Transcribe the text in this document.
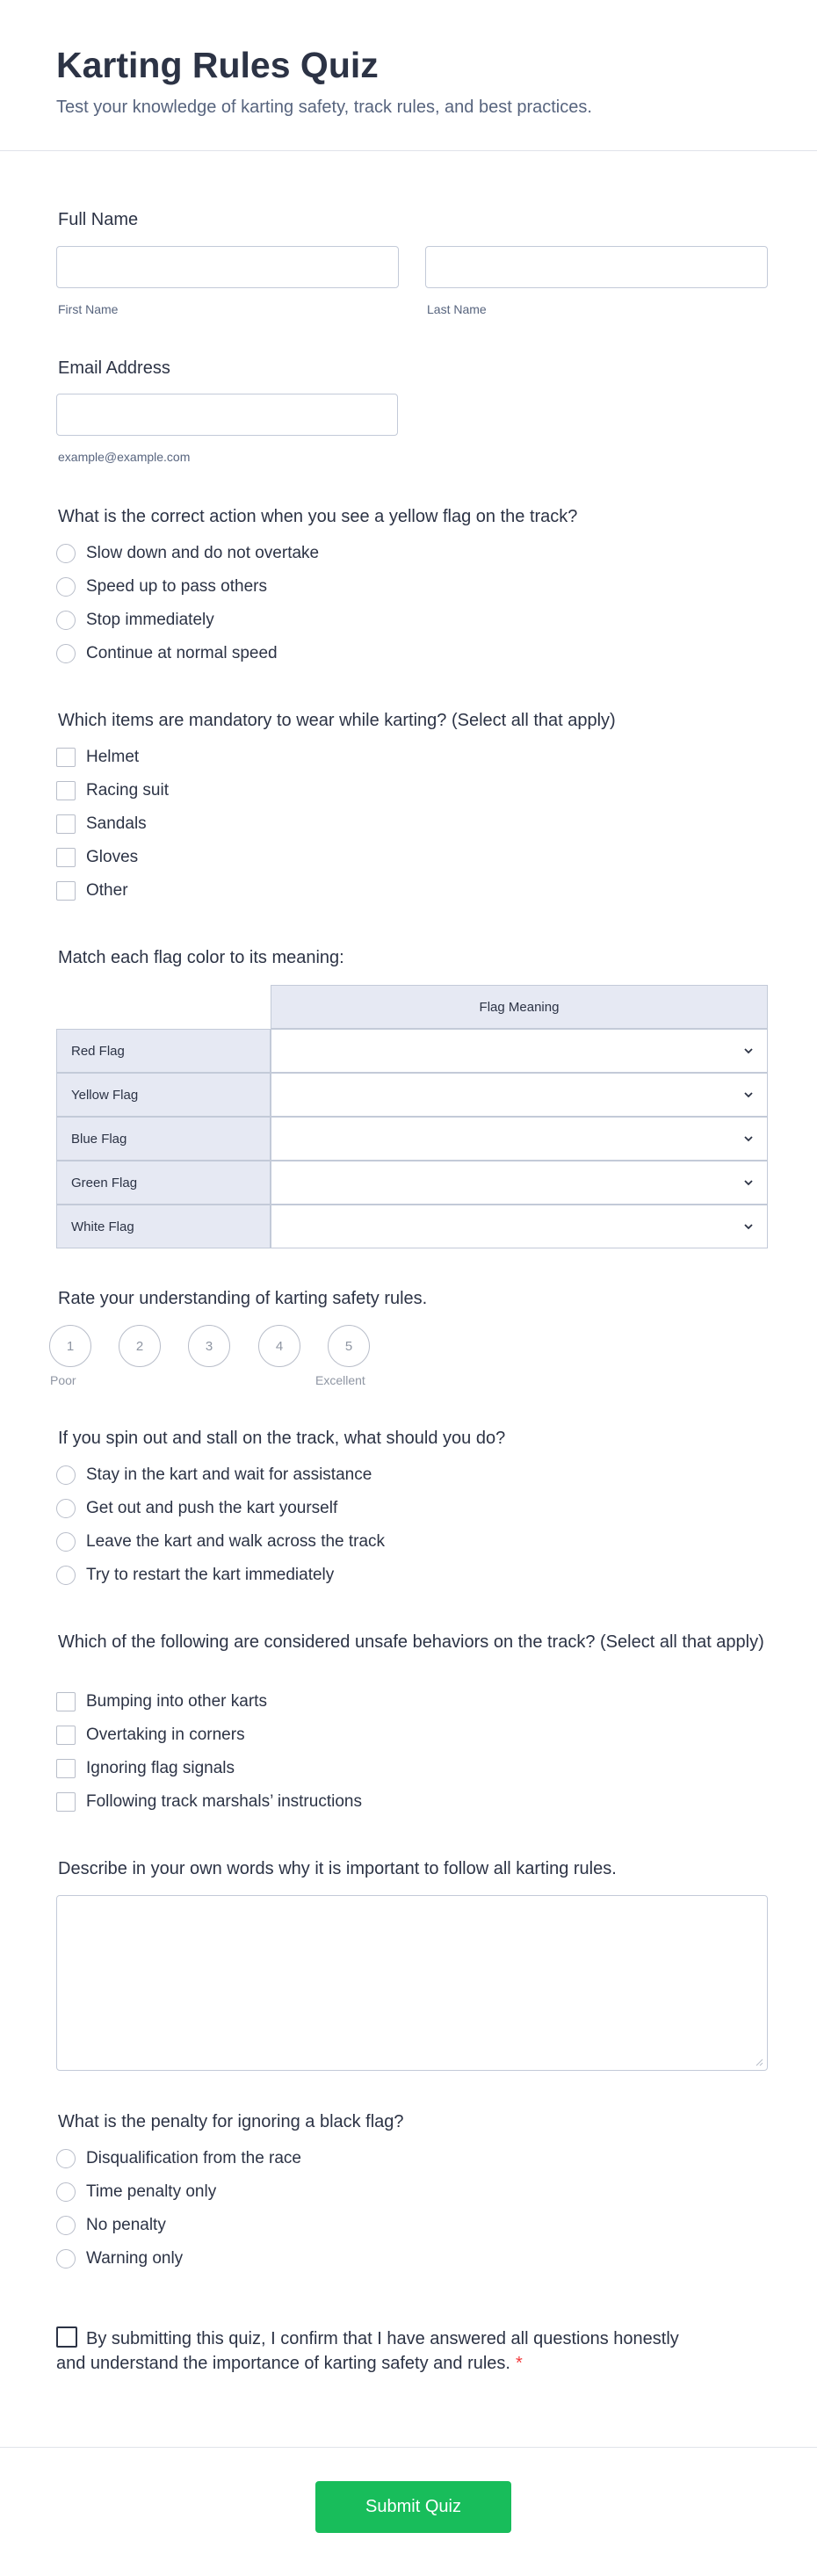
Karting Rules Quiz
Test your knowledge of karting safety, track rules, and best practices.
Full Name
First Name	Last Name
Email Address
example@example.com
What is the correct action when you see a yellow flag on the track?
Slow down and do not overtake
Speed up to pass others
Stop immediately
Continue at normal speed
Which items are mandatory to wear while karting? (Select all that apply)
Helmet
Racing suit
Sandals
Gloves
Other
Match each flag color to its meaning:
Flag Meaning
Red Flag
Yellow Flag
Blue Flag
Green Flag
White Flag
Rate your understanding of karting safety rules.
1	2	3	4	5
Poor	Excellent
If you spin out and stall on the track, what should you do?
Stay in the kart and wait for assistance
Get out and push the kart yourself
Leave the kart and walk across the track
Try to restart the kart immediately
Which of the following are considered unsafe behaviors on the track? (Select all that apply)
Bumping into other karts
Overtaking in corners
Ignoring flag signals
Following track marshals’ instructions
Describe in your own words why it is important to follow all karting rules.
What is the penalty for ignoring a black flag?
Disqualification from the race
Time penalty only
No penalty
Warning only
By submitting this quiz, I confirm that I have answered all questions honestly and understand the importance of karting safety and rules. *
Submit Quiz
